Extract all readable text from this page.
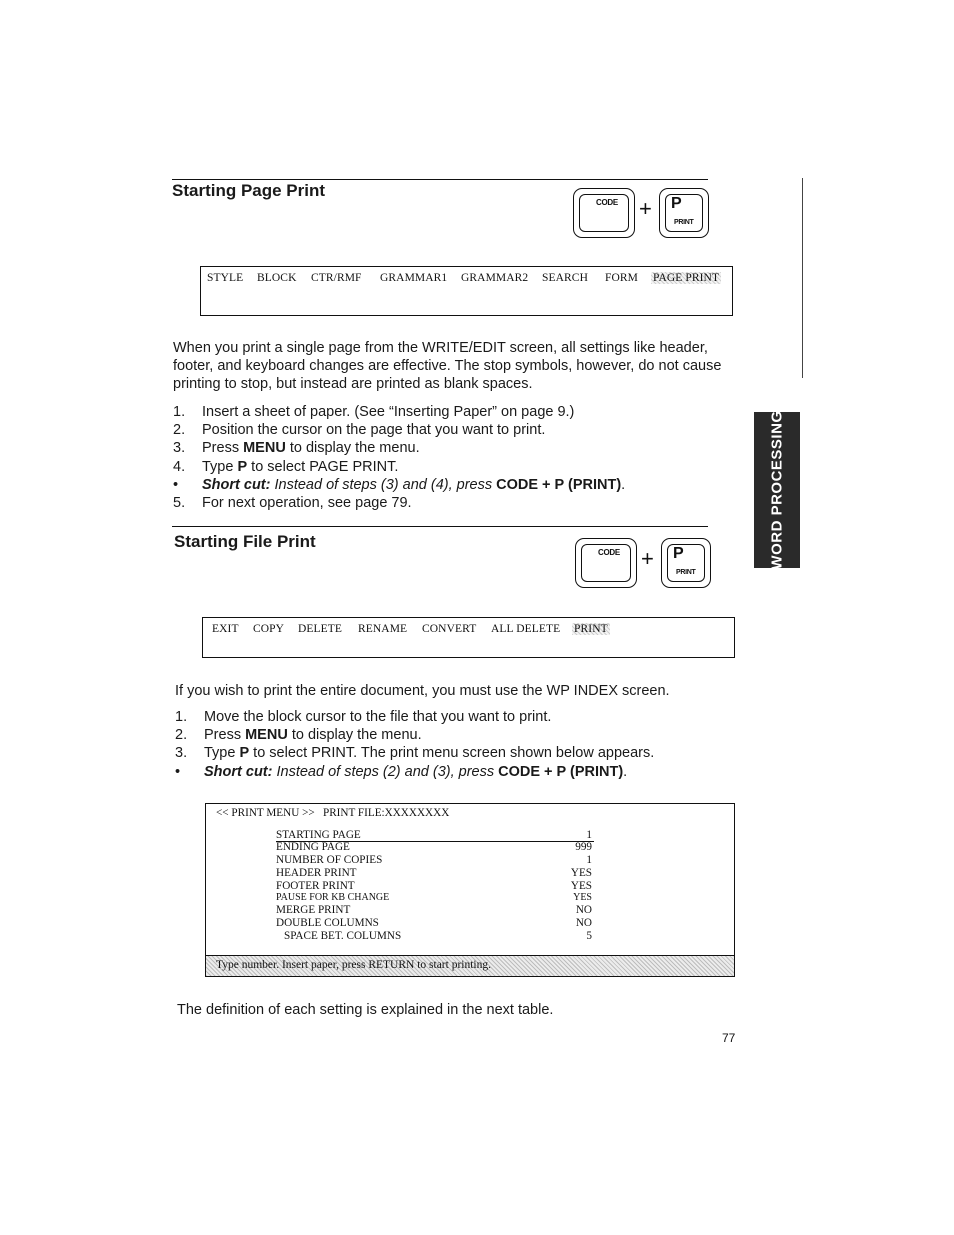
WORD PROCESSING
Starting Page Print
CODE + P
PRINT
STYLE BLOCK CTR/RMF GRAMMAR1 GRAMMAR2 SEARCH FORM PAGE PRINT
When you print a single page from the WRITE/EDIT screen, all settings like header, footer, and keyboard changes are effective. The stop symbols, however, do not cause printing to stop, but instead are printed as blank spaces.
1.	Insert a sheet of paper. (See “Inserting Paper” on page 9.)
2.	Position the cursor on the page that you want to print.
3.	Press MENU to display the menu.
4.	Type P to select PAGE PRINT.
•	Short cut: Instead of steps (3) and (4), press CODE + P (PRINT).
5.	For next operation, see page 79.
Starting File Print
CODE + P
PRINT
EXIT COPY DELETE RENAME CONVERT ALL DELETE PRINT
If you wish to print the entire document, you must use the WP INDEX screen.
1.	Move the block cursor to the file that you want to print.
2.	Press MENU to display the menu.
3.	Type P to select PRINT. The print menu screen shown below appears.
•	Short cut: Instead of steps (2) and (3), press CODE + P (PRINT).
<< PRINT MENU >> PRINT FILE:XXXXXXXX
STARTING PAGE	1
ENDING PAGE	999
NUMBER OF COPIES	1
HEADER PRINT	YES
FOOTER PRINT	YES
PAUSE FOR KB CHANGE	YES
MERGE PRINT	NO
DOUBLE COLUMNS	NO
SPACE BET. COLUMNS	5
Type number. Insert paper, press RETURN to start printing.
The definition of each setting is explained in the next table.
77
